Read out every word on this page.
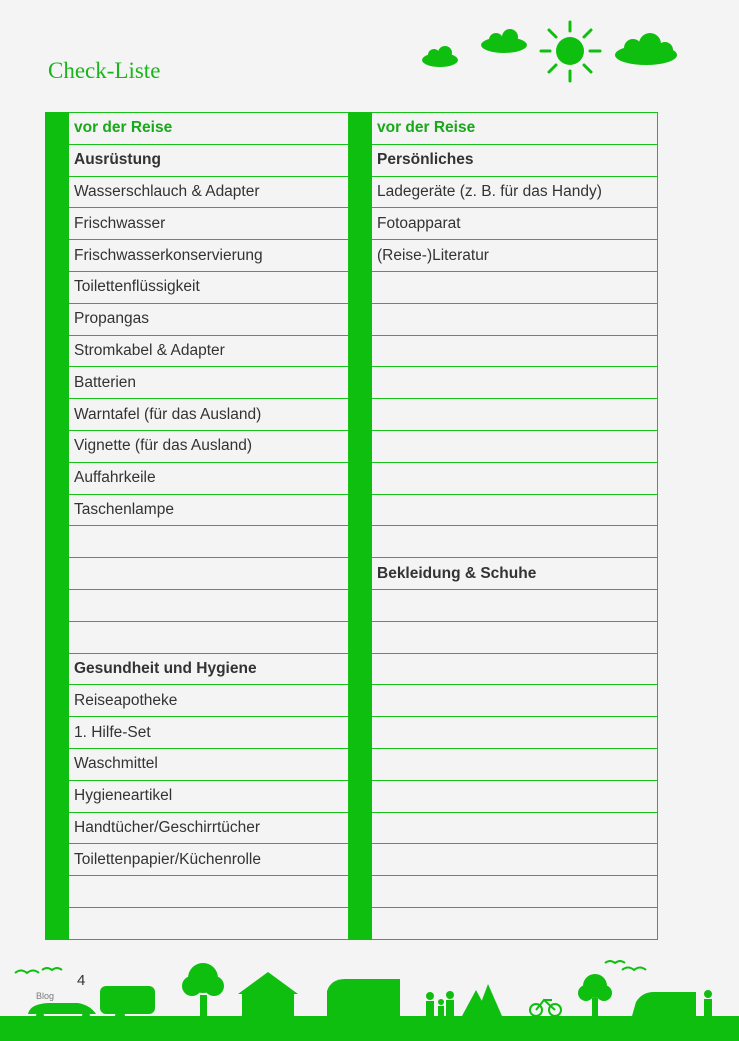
Check-Liste
	vor der Reise		vor der Reise
	Ausrüstung		Persönliches
	Wasserschlauch & Adapter		Ladegeräte (z. B. für das Handy)
	Frischwasser		Fotoapparat
	Frischwasserkonservierung		(Reise-)Literatur
	Toilettenflüssigkeit		
	Propangas		
	Stromkabel & Adapter		
	Batterien		
	Warntafel (für das Ausland)		
	Vignette (für das Ausland)		
	Auffahrkeile		
	Taschenlampe		

			Bekleidung & Schuhe

	Gesundheit und Hygiene		
	Reiseapotheke		
	1. Hilfe-Set		
	Waschmittel		
	Hygieneartikel		
	Handtücher/Geschirrtücher		
	Toilettenpapier/Küchenrolle		

4
Blog
